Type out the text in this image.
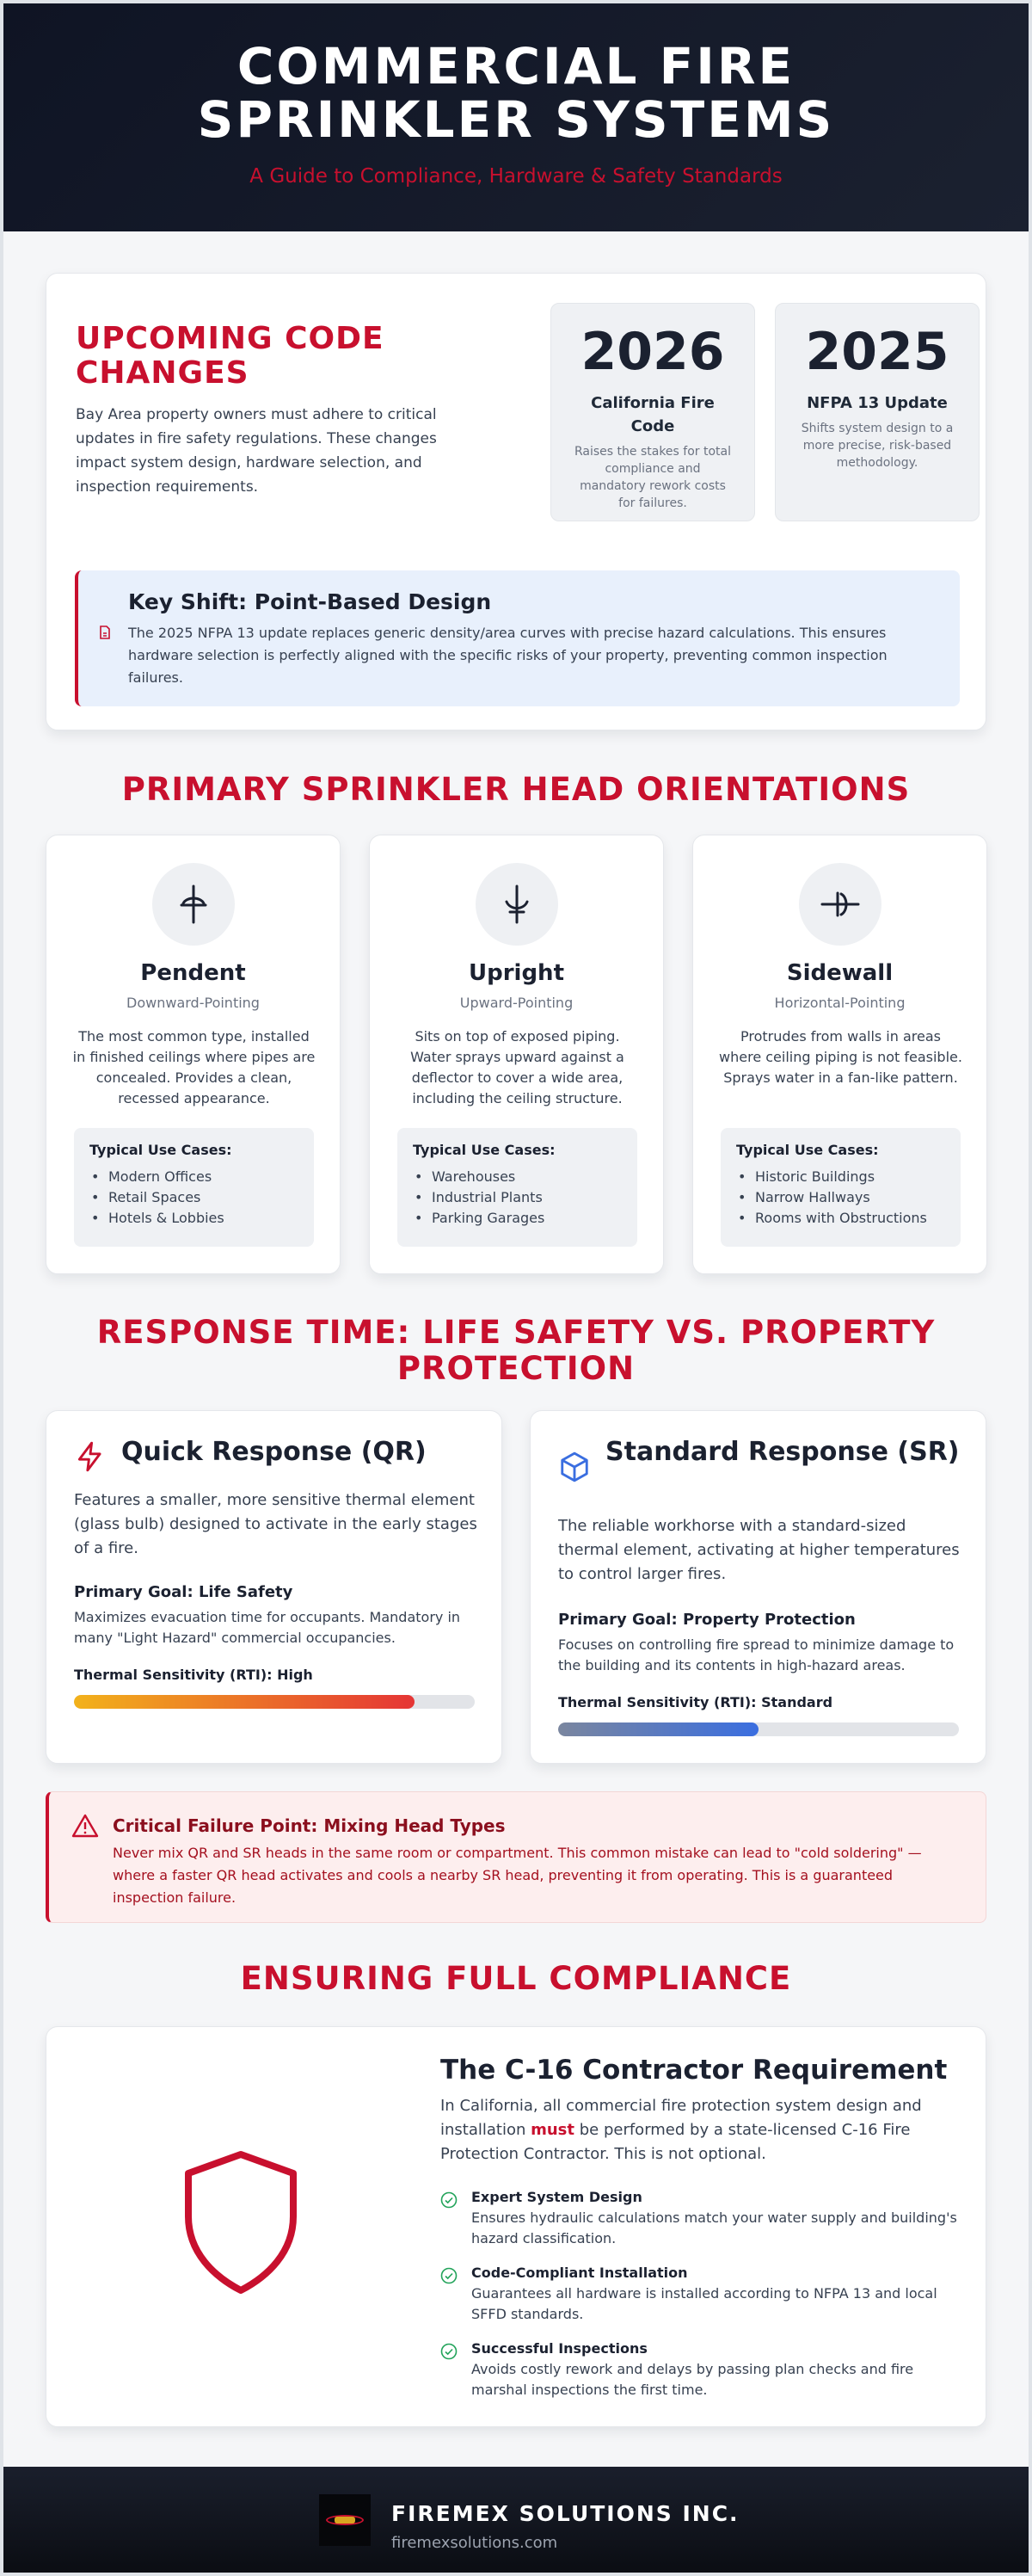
COMMERCIAL FIRE
SPRINKLER SYSTEMS
A Guide to Compliance, Hardware & Safety Standards
UPCOMING CODE CHANGES

Bay Area property owners must adhere to critical updates in fire safety regulations. These changes impact system design, hardware selection, and inspection requirements.

2026
California Fire Code
Raises the stakes for total compliance and mandatory rework costs for failures.
2025
NFPA 13 Update
Shifts system design to a more precise, risk-based methodology.
Key Shift: Point-Based Design

The 2025 NFPA 13 update replaces generic density/area curves with precise hazard calculations. This ensures hardware selection is perfectly aligned with the specific risks of your property, preventing common inspection failures.

PRIMARY SPRINKLER HEAD ORIENTATIONS
Pendent
Downward-Pointing

The most common type, installed in finished ceilings where pipes are concealed. Provides a clean, recessed appearance.

Typical Use Cases:
• Modern Offices
• Retail Spaces
• Hotels & Lobbies
Upright
Upward-Pointing

Sits on top of exposed piping. Water sprays upward against a deflector to cover a wide area, including the ceiling structure.

Typical Use Cases:
• Warehouses
• Industrial Plants
• Parking Garages
Sidewall
Horizontal-Pointing

Protrudes from walls in areas where ceiling piping is not feasible. Sprays water in a fan-like pattern.

Typical Use Cases:
• Historic Buildings
• Narrow Hallways
• Rooms with Obstructions
RESPONSE TIME: LIFE SAFETY VS. PROPERTY PROTECTION
Quick Response (QR)

Features a smaller, more sensitive thermal element (glass bulb) designed to activate in the early stages of a fire.

Primary Goal: Life Safety

Maximizes evacuation time for occupants. Mandatory in many "Light Hazard" commercial occupancies.

Thermal Sensitivity (RTI): High
Standard Response (SR)

The reliable workhorse with a standard-sized thermal element, activating at higher temperatures to control larger fires.

Primary Goal: Property Protection

Focuses on controlling fire spread to minimize damage to the building and its contents in high-hazard areas.

Thermal Sensitivity (RTI): Standard
Critical Failure Point: Mixing Head Types

Never mix QR and SR heads in the same room or compartment. This common mistake can lead to "cold soldering" — where a faster QR head activates and cools a nearby SR head, preventing it from operating. This is a guaranteed inspection failure.

ENSURING FULL COMPLIANCE
The C-16 Contractor Requirement

In California, all commercial fire protection system design and installation must be performed by a state-licensed C-16 Fire Protection Contractor. This is not optional.

Expert System Design

Ensures hydraulic calculations match your water supply and building's hazard classification.

Code-Compliant Installation

Guarantees all hardware is installed according to NFPA 13 and local SFFD standards.

Successful Inspections

Avoids costly rework and delays by passing plan checks and fire marshal inspections the first time.

FIREMEX SOLUTIONS INC.
firemexsolutions.com
